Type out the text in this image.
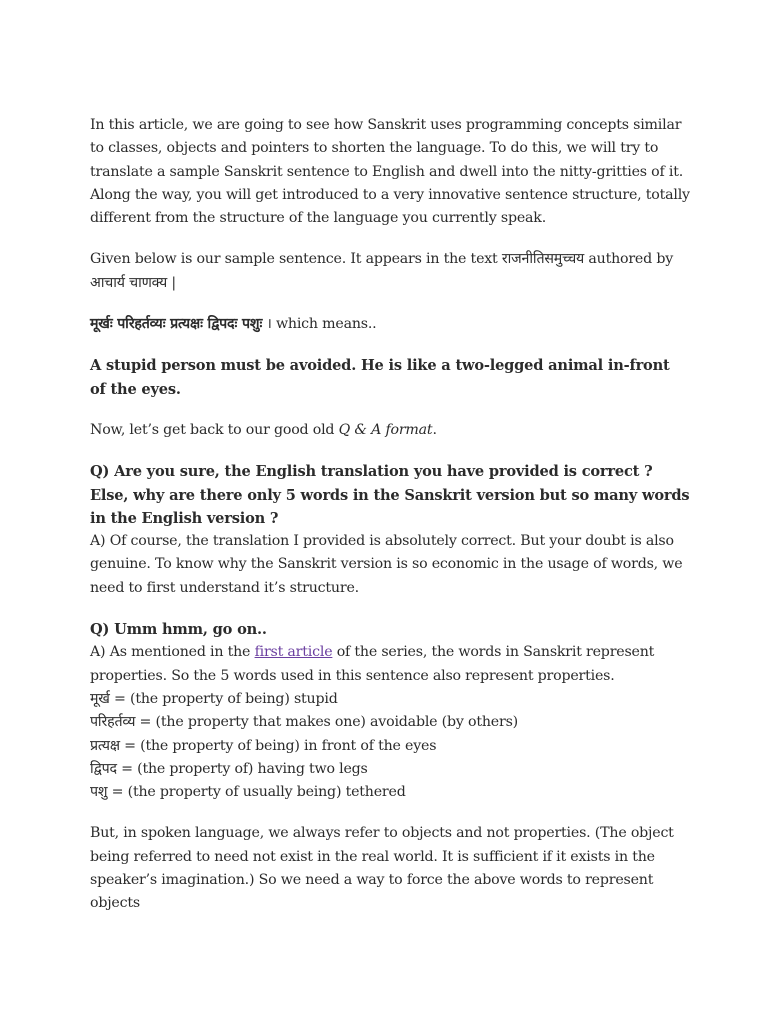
In this article, we are going to see how Sanskrit uses programming concepts similar to classes, objects and pointers to shorten the language. To do this, we will try to translate a sample Sanskrit sentence to English and dwell into the nitty-gritties of it. Along the way, you will get introduced to a very innovative sentence structure, totally different from the structure of the language you currently speak.

Given below is our sample sentence. It appears in the text राजनीतिसमुच्चय authored by आचार्य चाणक्य |

मूर्खः परिहर्तव्यः प्रत्यक्षः द्विपदः पशुः । which means..

A stupid person must be avoided. He is like a two-legged animal in-front of the eyes.

Now, let’s get back to our good old Q & A format.

Q) Are you sure, the English translation you have provided is correct ? Else, why are there only 5 words in the Sanskrit version but so many words in the English version ?
A) Of course, the translation I provided is absolutely correct. But your doubt is also genuine. To know why the Sanskrit version is so economic in the usage of words, we need to first understand it’s structure.

Q) Umm hmm, go on..
A) As mentioned in the first article of the series, the words in Sanskrit represent properties. So the 5 words used in this sentence also represent properties.
मूर्ख = (the property of being) stupid
परिहर्तव्य = (the property that makes one) avoidable (by others)
प्रत्यक्ष = (the property of being) in front of the eyes
द्विपद = (the property of) having two legs
पशु = (the property of usually being) tethered

But, in spoken language, we always refer to objects and not properties. (The object being referred to need not exist in the real world. It is sufficient if it exists in the speaker’s imagination.) So we need a way to force the above words to represent objects
